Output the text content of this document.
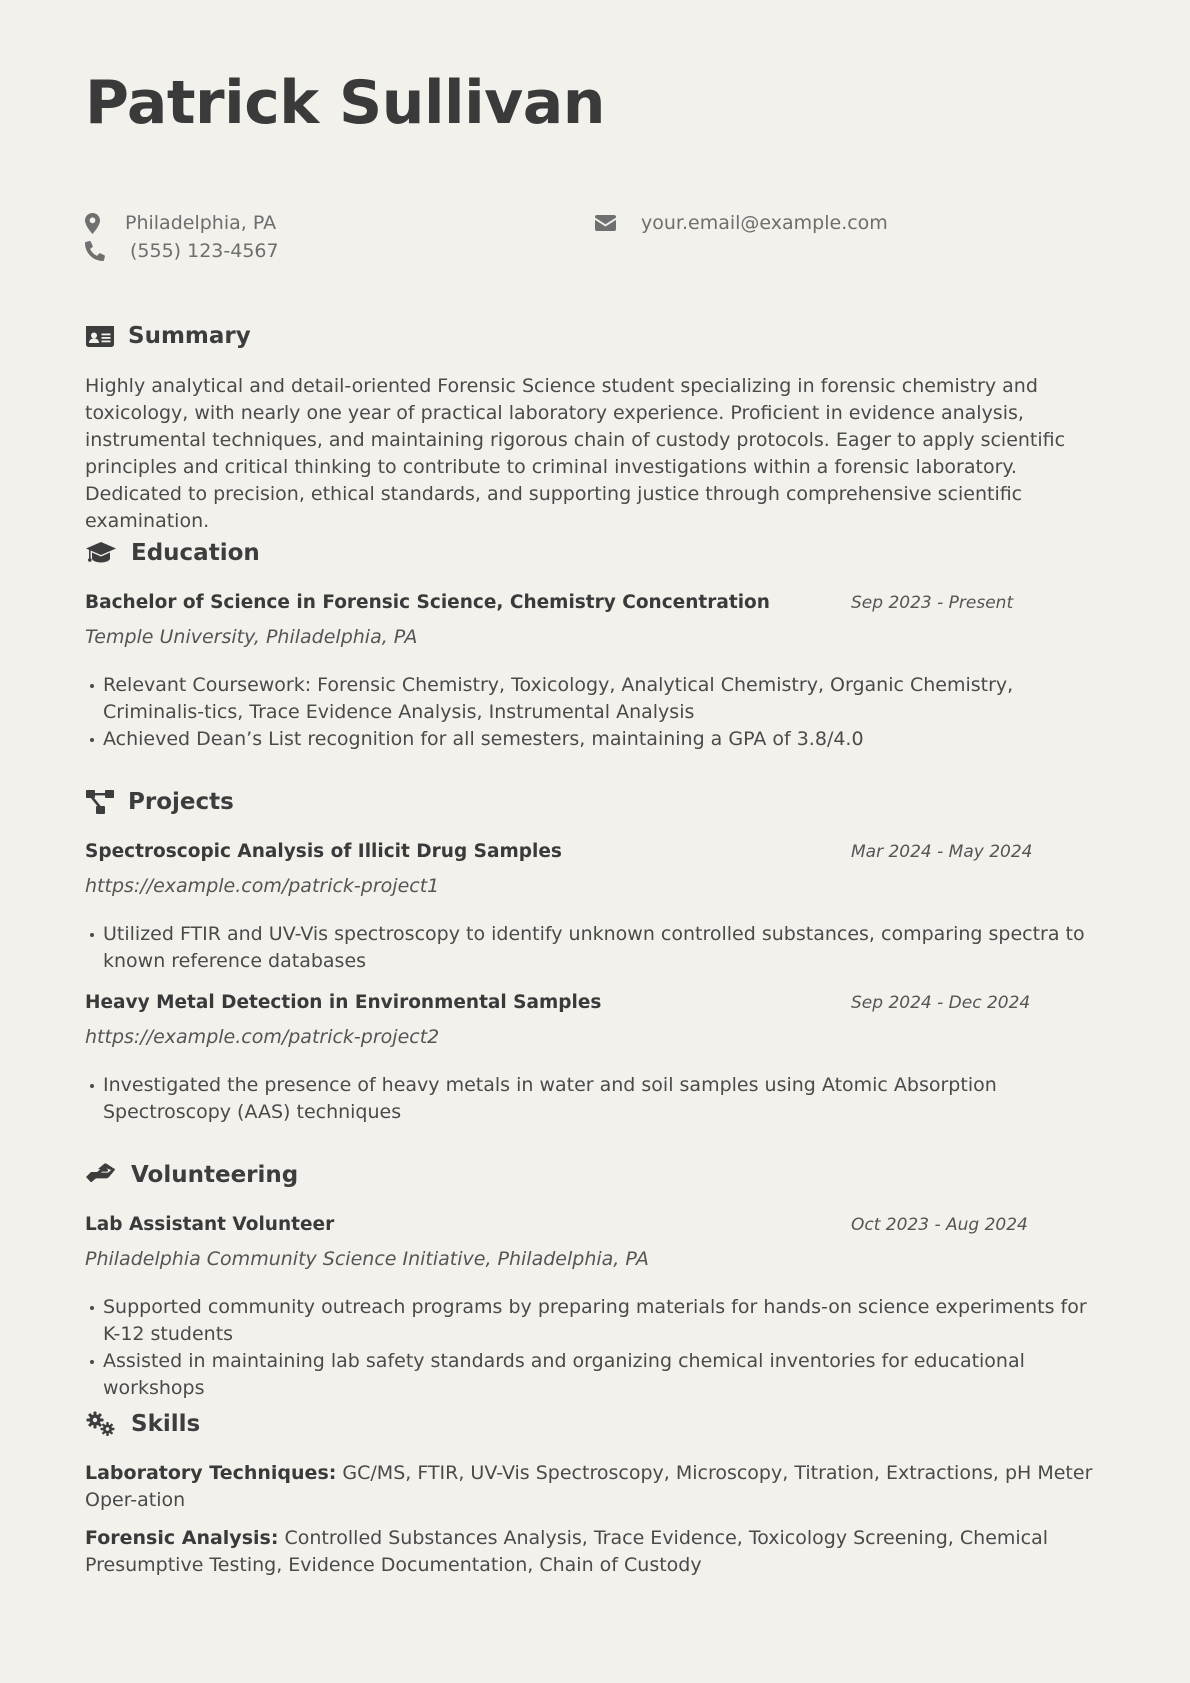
Patrick Sullivan
Philadelphia, PA
(555) 123-4567
your.email@example.com
Summary
Highly analytical and detail-oriented Forensic Science student specializing in forensic chemistry and toxicology, with nearly one year of practical laboratory experience. Proficient in evidence analysis, instrumental techniques, and maintaining rigorous chain of custody protocols. Eager to apply scientific principles and critical thinking to contribute to criminal investigations within a forensic laboratory. Dedicated to precision, ethical standards, and supporting justice through comprehensive scientific examination.
Education
Bachelor of Science in Forensic Science, Chemistry Concentration	Sep 2023 - Present
Temple University, Philadelphia, PA
Relevant Coursework: Forensic Chemistry, Toxicology, Analytical Chemistry, Organic Chemistry, Criminalis-tics, Trace Evidence Analysis, Instrumental Analysis
Achieved Dean’s List recognition for all semesters, maintaining a GPA of 3.8/4.0
Projects
Spectroscopic Analysis of Illicit Drug Samples	Mar 2024 - May 2024
https://example.com/patrick-project1
Utilized FTIR and UV-Vis spectroscopy to identify unknown controlled substances, comparing spectra to known reference databases
Heavy Metal Detection in Environmental Samples	Sep 2024 - Dec 2024
https://example.com/patrick-project2
Investigated the presence of heavy metals in water and soil samples using Atomic Absorption Spectroscopy (AAS) techniques
Volunteering
Lab Assistant Volunteer	Oct 2023 - Aug 2024
Philadelphia Community Science Initiative, Philadelphia, PA
Supported community outreach programs by preparing materials for hands-on science experiments for K-12 students
Assisted in maintaining lab safety standards and organizing chemical inventories for educational workshops
Skills
Laboratory Techniques: GC/MS, FTIR, UV-Vis Spectroscopy, Microscopy, Titration, Extractions, pH Meter Oper-ation
Forensic Analysis: Controlled Substances Analysis, Trace Evidence, Toxicology Screening, Chemical Presumptive Testing, Evidence Documentation, Chain of Custody
